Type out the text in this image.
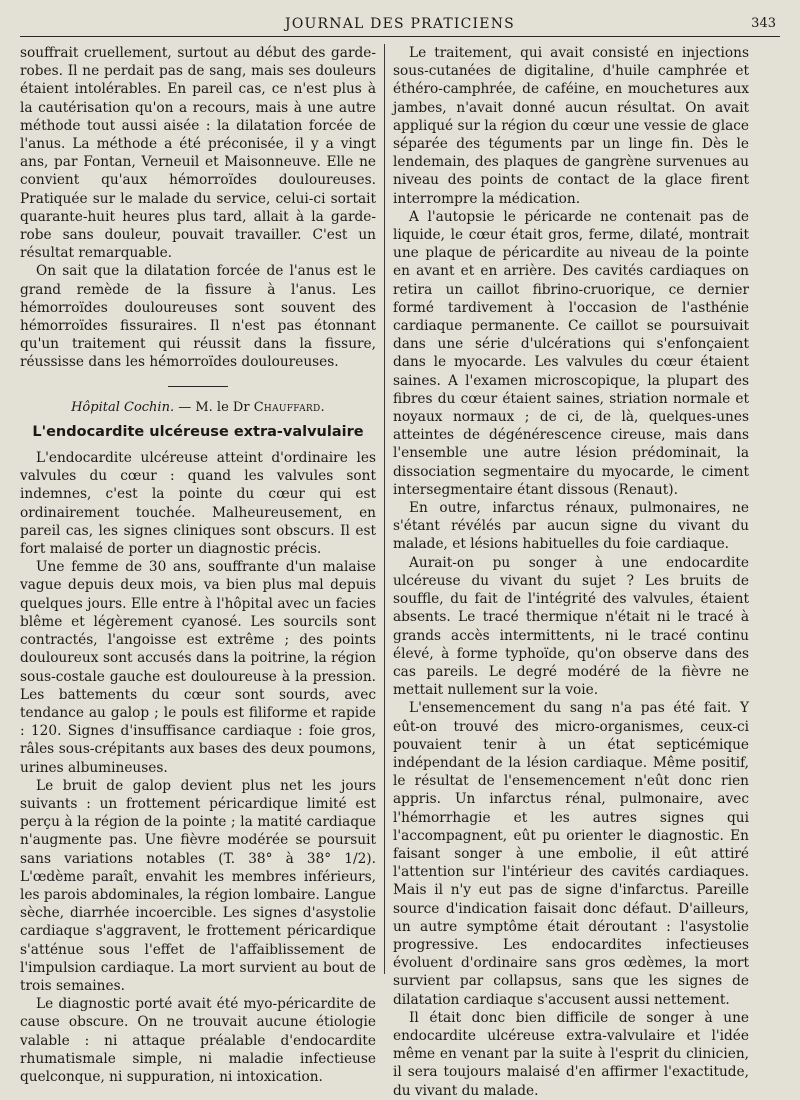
JOURNAL DES PRATICIENS	343

souffrait cruellement, surtout au début des garde-robes. Il ne perdait pas de sang, mais ses douleurs étaient intolérables. En pareil cas, ce n'est plus à la cautérisation qu'on a recours, mais à une autre méthode tout aussi aisée : la dilatation forcée de l'anus. La méthode a été préconisée, il y a vingt ans, par Fontan, Verneuil et Maisonneuve. Elle ne convient qu'aux hémorroïdes douloureuses. Pratiquée sur le malade du service, celui-ci sortait quarante-huit heures plus tard, allait à la garde-robe sans douleur, pouvait travailler. C'est un résultat remarquable.

On sait que la dilatation forcée de l'anus est le grand remède de la fissure à l'anus. Les hémorroïdes douloureuses sont souvent des hémorroïdes fissuraires. Il n'est pas étonnant qu'un traitement qui réussit dans la fissure, réussisse dans les hémorroïdes douloureuses.

Hôpital Cochin. — M. le Dr Chauffard.

L'endocardite ulcéreuse extra-valvulaire

L'endocardite ulcéreuse atteint d'ordinaire les valvules du cœur : quand les valvules sont indemnes, c'est la pointe du cœur qui est ordinairement touchée. Malheureusement, en pareil cas, les signes cliniques sont obscurs. Il est fort malaisé de porter un diagnostic précis.

Une femme de 30 ans, souffrante d'un malaise vague depuis deux mois, va bien plus mal depuis quelques jours. Elle entre à l'hôpital avec un facies blême et légèrement cyanosé. Les sourcils sont contractés, l'angoisse est extrême ; des points douloureux sont accusés dans la poitrine, la région sous-costale gauche est douloureuse à la pression. Les battements du cœur sont sourds, avec tendance au galop ; le pouls est filiforme et rapide : 120. Signes d'insuffisance cardiaque : foie gros, râles sous-crépitants aux bases des deux poumons, urines albumineuses.

Le bruit de galop devient plus net les jours suivants : un frottement péricardique limité est perçu à la région de la pointe ; la matité cardiaque n'augmente pas. Une fièvre modérée se poursuit sans variations notables (T. 38° à 38° 1/2). L'œdème paraît, envahit les membres inférieurs, les parois abdominales, la région lombaire. Langue sèche, diarrhée incoercible. Les signes d'asystolie cardiaque s'aggravent, le frottement péricardique s'atténue sous l'effet de l'affaiblissement de l'impulsion cardiaque. La mort survient au bout de trois semaines.

Le diagnostic porté avait été myo-péricardite de cause obscure. On ne trouvait aucune étiologie valable : ni attaque préalable d'endocardite rhumatismale simple, ni maladie infectieuse quelconque, ni suppuration, ni intoxication.

Le traitement, qui avait consisté en injections sous-cutanées de digitaline, d'huile camphrée et éthéro-camphrée, de caféine, en mouchetures aux jambes, n'avait donné aucun résultat. On avait appliqué sur la région du cœur une vessie de glace séparée des téguments par un linge fin. Dès le lendemain, des plaques de gangrène survenues au niveau des points de contact de la glace firent interrompre la médication.

A l'autopsie le péricarde ne contenait pas de liquide, le cœur était gros, ferme, dilaté, montrait une plaque de péricardite au niveau de la pointe en avant et en arrière. Des cavités cardiaques on retira un caillot fibrino-cruorique, ce dernier formé tardivement à l'occasion de l'asthénie cardiaque permanente. Ce caillot se poursuivait dans une série d'ulcérations qui s'enfonçaient dans le myocarde. Les valvules du cœur étaient saines. A l'examen microscopique, la plupart des fibres du cœur étaient saines, striation normale et noyaux normaux ; de ci, de là, quelques-unes atteintes de dégénérescence cireuse, mais dans l'ensemble une autre lésion prédominait, la dissociation segmentaire du myocarde, le ciment intersegmentaire étant dissous (Renaut).

En outre, infarctus rénaux, pulmonaires, ne s'étant révélés par aucun signe du vivant du malade, et lésions habituelles du foie cardiaque.

Aurait-on pu songer à une endocardite ulcéreuse du vivant du sujet ? Les bruits de souffle, du fait de l'intégrité des valvules, étaient absents. Le tracé thermique n'était ni le tracé à grands accès intermittents, ni le tracé continu élevé, à forme typhoïde, qu'on observe dans des cas pareils. Le degré modéré de la fièvre ne mettait nullement sur la voie.

L'ensemencement du sang n'a pas été fait. Y eût-on trouvé des micro-organismes, ceux-ci pouvaient tenir à un état septicémique indépendant de la lésion cardiaque. Même positif, le résultat de l'ensemencement n'eût donc rien appris. Un infarctus rénal, pulmonaire, avec l'hémorrhagie et les autres signes qui l'accompagnent, eût pu orienter le diagnostic. En faisant songer à une embolie, il eût attiré l'attention sur l'intérieur des cavités cardiaques. Mais il n'y eut pas de signe d'infarctus. Pareille source d'indication faisait donc défaut. D'ailleurs, un autre symptôme était déroutant : l'asystolie progressive. Les endocardites infectieuses évoluent d'ordinaire sans gros œdèmes, la mort survient par collapsus, sans que les signes de dilatation cardiaque s'accusent aussi nettement.

Il était donc bien difficile de songer à une endocardite ulcéreuse extra-valvulaire et l'idée même en venant par la suite à l'esprit du clinicien, il sera toujours malaisé d'en affirmer l'exactitude, du vivant du malade.
